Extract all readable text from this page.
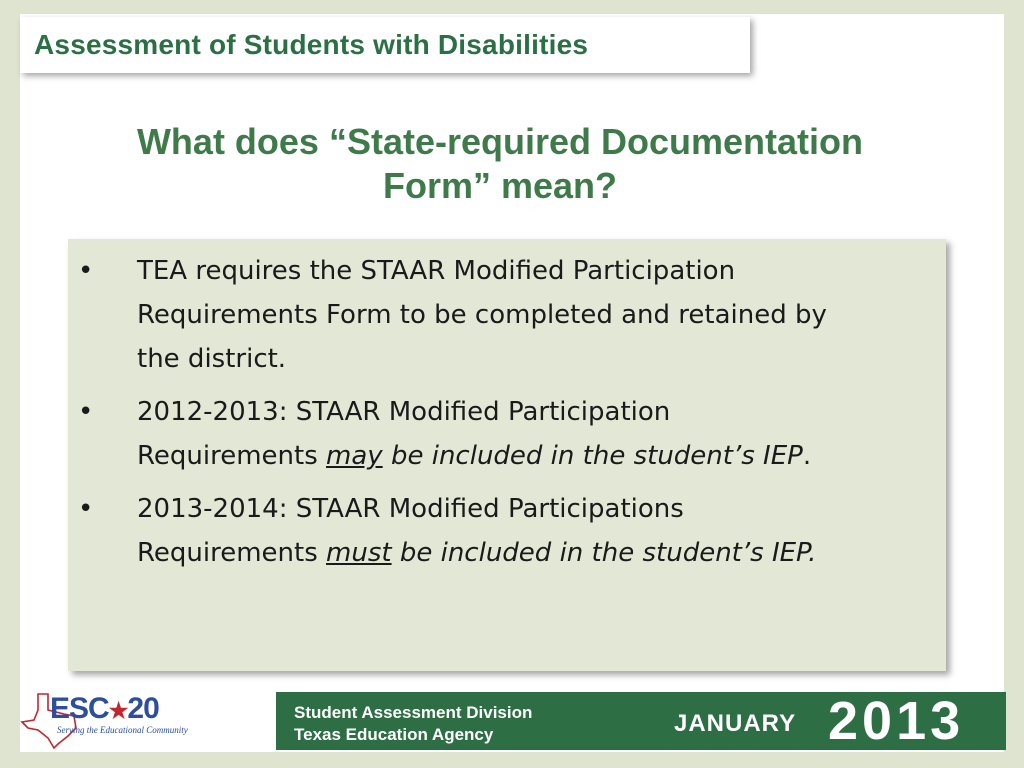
Assessment of Students with Disabilities
What does “State-required Documentation
Form” mean?
• TEA requires the STAAR Modified Participation
Requirements Form to be completed and retained by
the district.
• 2012-2013: STAAR Modified Participation
Requirements may be included in the student’s IEP.
• 2013-2014: STAAR Modified Participations
Requirements must be included in the student’s IEP.
ESC★20
Serving the Educational Community
Student Assessment Division
Texas Education Agency	JANUARY 2013
